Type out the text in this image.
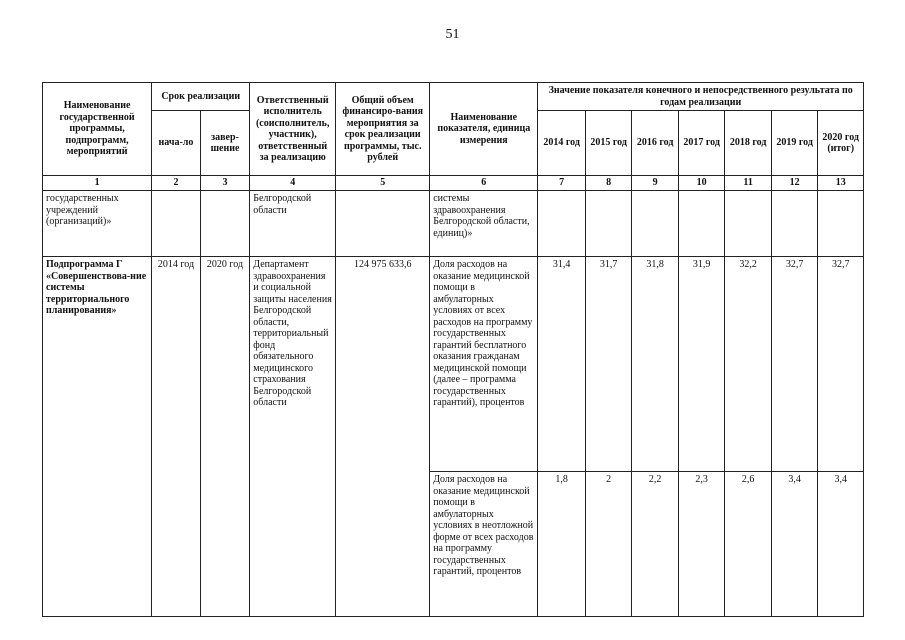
51
Наименование государственной программы, подпрограмм, мероприятий	Срок реализации		Ответственный исполнитель (соисполнитель, участник), ответственный за реализацию	Общий объем финансиро-вания мероприятия за срок реализации программы, тыс. рублей	Наименование показателя, единица измерения	Значение показателя конечного и непосредственного результата по годам реализации						
	нача-ло	завер-шение				2014 год	2015 год	2016 год	2017 год	2018 год	2019 год	2020 год (итог)
1	2	3	4	5	6	7	8	9	10	11	12	13
государственных учреждений (организаций)»			Белгородской области		системы здравоохранения Белгородской области, единиц)»							
Подпрограмма Г «Совершенствова-ние системы территориального планирования»	2014 год	2020 год	Департамент здравоохранения и социальной защиты населения Белгородской области, территориальный фонд обязательного медицинского страхования Белгородской области	124 975 633,6	Доля расходов на оказание медицинской помощи в амбулаторных условиях от всех расходов на программу государственных гарантий бесплатного оказания гражданам медицинской помощи (далее – программа государственных гарантий), процентов	31,4	31,7	31,8	31,9	32,2	32,7	32,7
					Доля расходов на оказание медицинской помощи в амбулаторных условиях в неотложной форме от всех расходов на программу государственных гарантий, процентов	1,8	2	2,2	2,3	2,6	3,4	3,4
